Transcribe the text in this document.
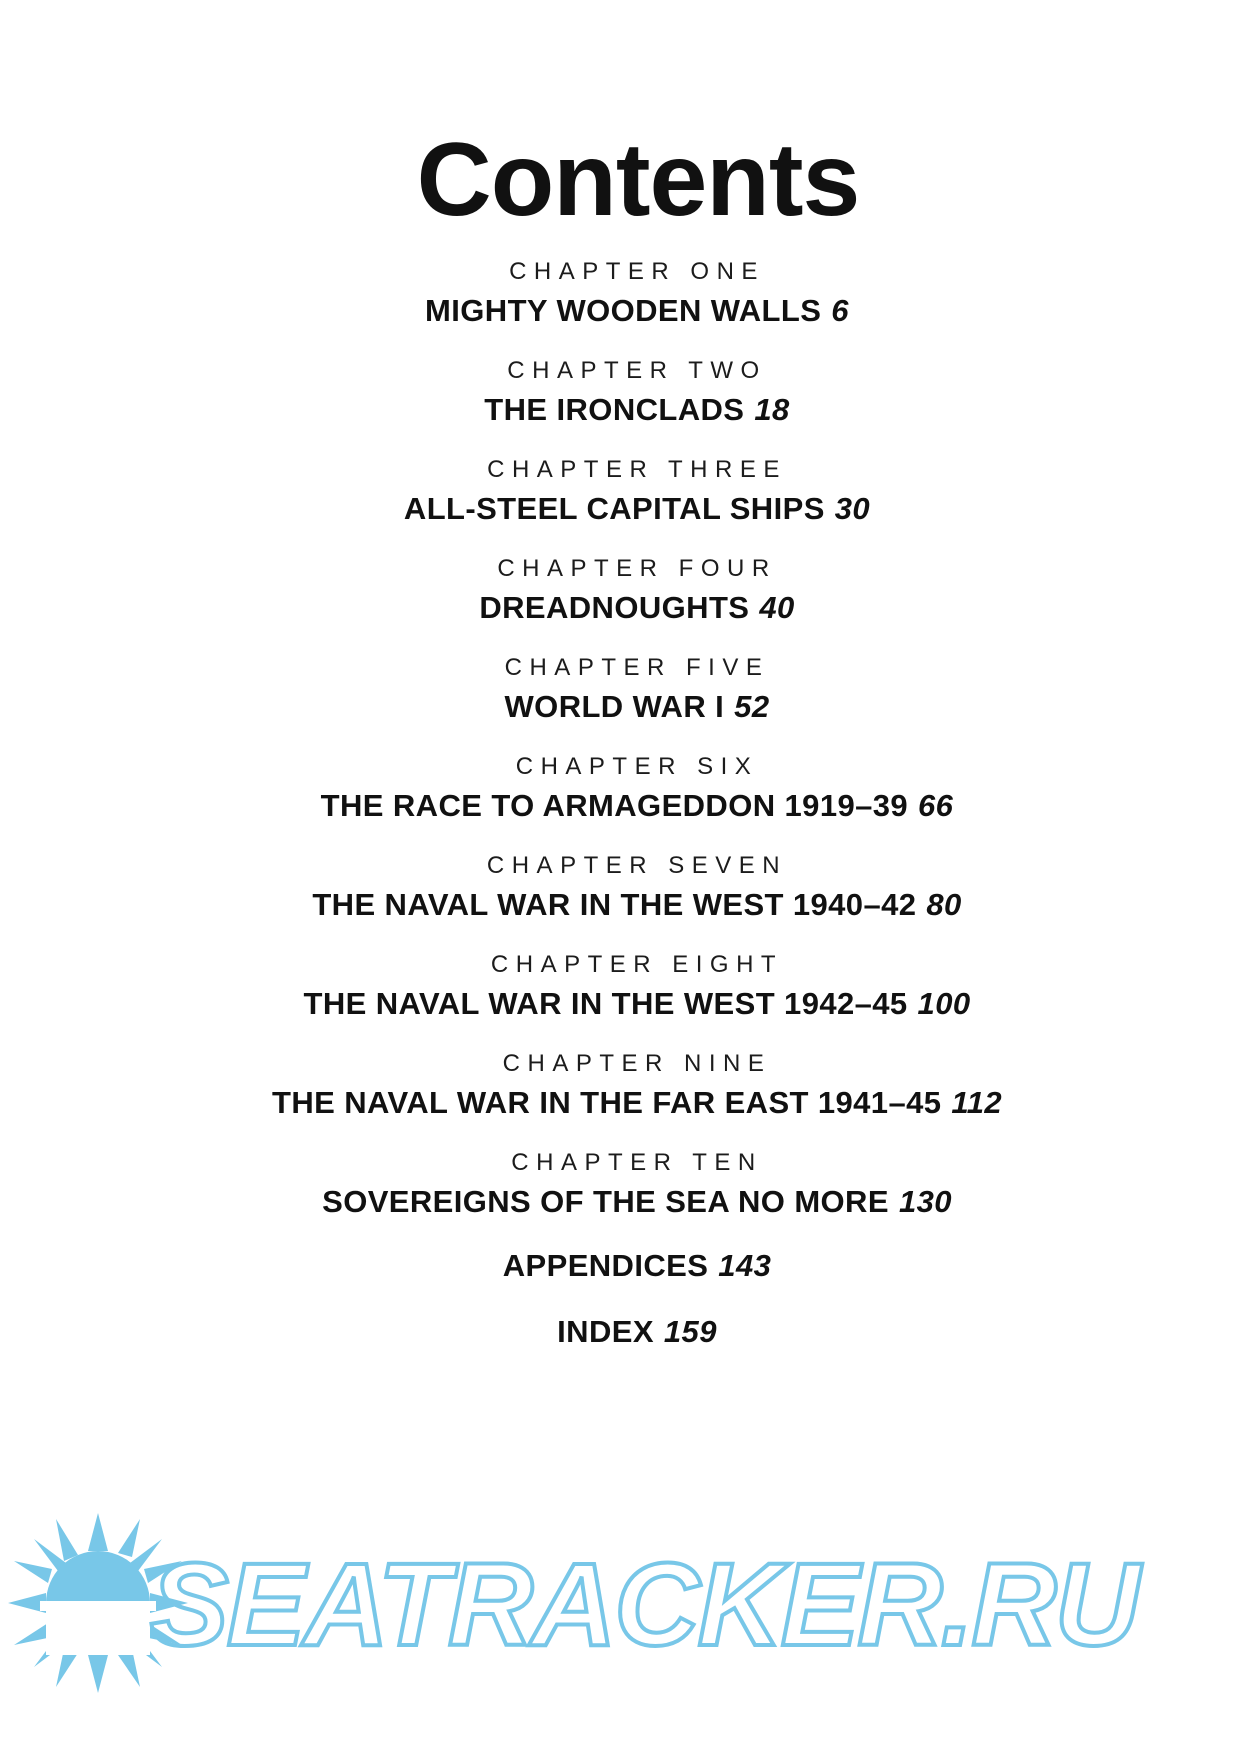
Contents
CHAPTER ONE
MIGHTY WOODEN WALLS 6
CHAPTER TWO
THE IRONCLADS 18
CHAPTER THREE
ALL-STEEL CAPITAL SHIPS 30
CHAPTER FOUR
DREADNOUGHTS 40
CHAPTER FIVE
WORLD WAR I 52
CHAPTER SIX
THE RACE TO ARMAGEDDON 1919–39 66
CHAPTER SEVEN
THE NAVAL WAR IN THE WEST 1940–42 80
CHAPTER EIGHT
THE NAVAL WAR IN THE WEST 1942–45 100
CHAPTER NINE
THE NAVAL WAR IN THE FAR EAST 1941–45 112
CHAPTER TEN
SOVEREIGNS OF THE SEA NO MORE 130
APPENDICES 143
INDEX 159
SEATRACKER.RU
